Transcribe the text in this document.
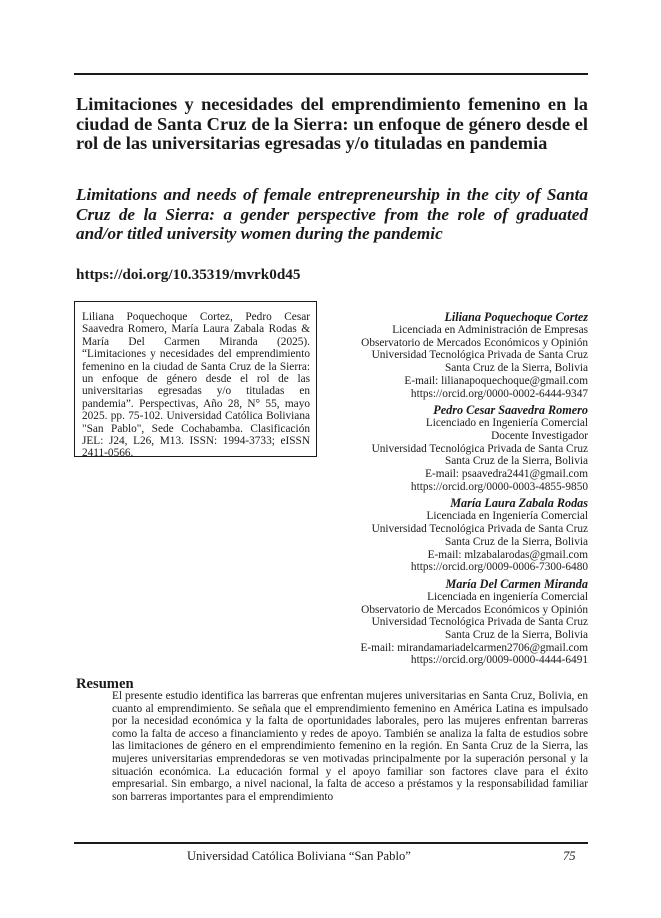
Limitaciones y necesidades del emprendimiento femenino en la ciudad de Santa Cruz de la Sierra: un enfoque de género desde el rol de las universitarias egresadas y/o tituladas en pandemia
Limitations and needs of female entrepreneurship in the city of Santa Cruz de la Sierra: a gender perspective from the role of graduated and/or titled university women during the pandemic

https://doi.org/10.35319/mvrk0d45

Liliana Poquechoque Cortez, Pedro Cesar Saavedra Romero, María Laura Zabala Rodas & María Del Carmen Miranda (2025). “Limitaciones y necesidades del emprendimiento femenino en la ciudad de Santa Cruz de la Sierra: un enfoque de género desde el rol de las universitarias egresadas y/o tituladas en pandemia”. Perspectivas, Año 28, N° 55, mayo 2025. pp. 75-102. Universidad Católica Boliviana "San Pablo", Sede Cochabamba. Clasificación JEL: J24, L26, M13. ISSN: 1994-3733; eISSN 2411-0566.

Liliana Poquechoque Cortez
Licenciada en Administración de Empresas
Observatorio de Mercados Económicos y Opinión
Universidad Tecnológica Privada de Santa Cruz
Santa Cruz de la Sierra, Bolivia
E-mail: lilianapoquechoque@gmail.com
https://orcid.org/0000-0002-6444-9347
Pedro Cesar Saavedra Romero
Licenciado en Ingeniería Comercial
Docente Investigador
Universidad Tecnológica Privada de Santa Cruz
Santa Cruz de la Sierra, Bolivia
E-mail: psaavedra2441@gmail.com
https://orcid.org/0000-0003-4855-9850
María Laura Zabala Rodas
Licenciada en Ingeniería Comercial
Universidad Tecnológica Privada de Santa Cruz
Santa Cruz de la Sierra, Bolivia
E-mail: mlzabalarodas@gmail.com
https://orcid.org/0009-0006-7300-6480
María Del Carmen Miranda
Licenciada en ingeniería Comercial
Observatorio de Mercados Económicos y Opinión
Universidad Tecnológica Privada de Santa Cruz
Santa Cruz de la Sierra, Bolivia
E-mail: mirandamariadelcarmen2706@gmail.com
https://orcid.org/0009-0000-4444-6491
Resumen

El presente estudio identifica las barreras que enfrentan mujeres universitarias en Santa Cruz, Bolivia, en cuanto al emprendimiento. Se señala que el emprendimiento femenino en América Latina es impulsado por la necesidad económica y la falta de oportunidades laborales, pero las mujeres enfrentan barreras como la falta de acceso a financiamiento y redes de apoyo. También se analiza la falta de estudios sobre las limitaciones de género en el emprendimiento femenino en la región. En Santa Cruz de la Sierra, las mujeres universitarias emprendedoras se ven motivadas principalmente por la superación personal y la situación económica. La educación formal y el apoyo familiar son factores clave para el éxito empresarial. Sin embargo, a nivel nacional, la falta de acceso a préstamos y la responsabilidad familiar son barreras importantes para el emprendimiento

Universidad Católica Boliviana “San Pablo”	75
